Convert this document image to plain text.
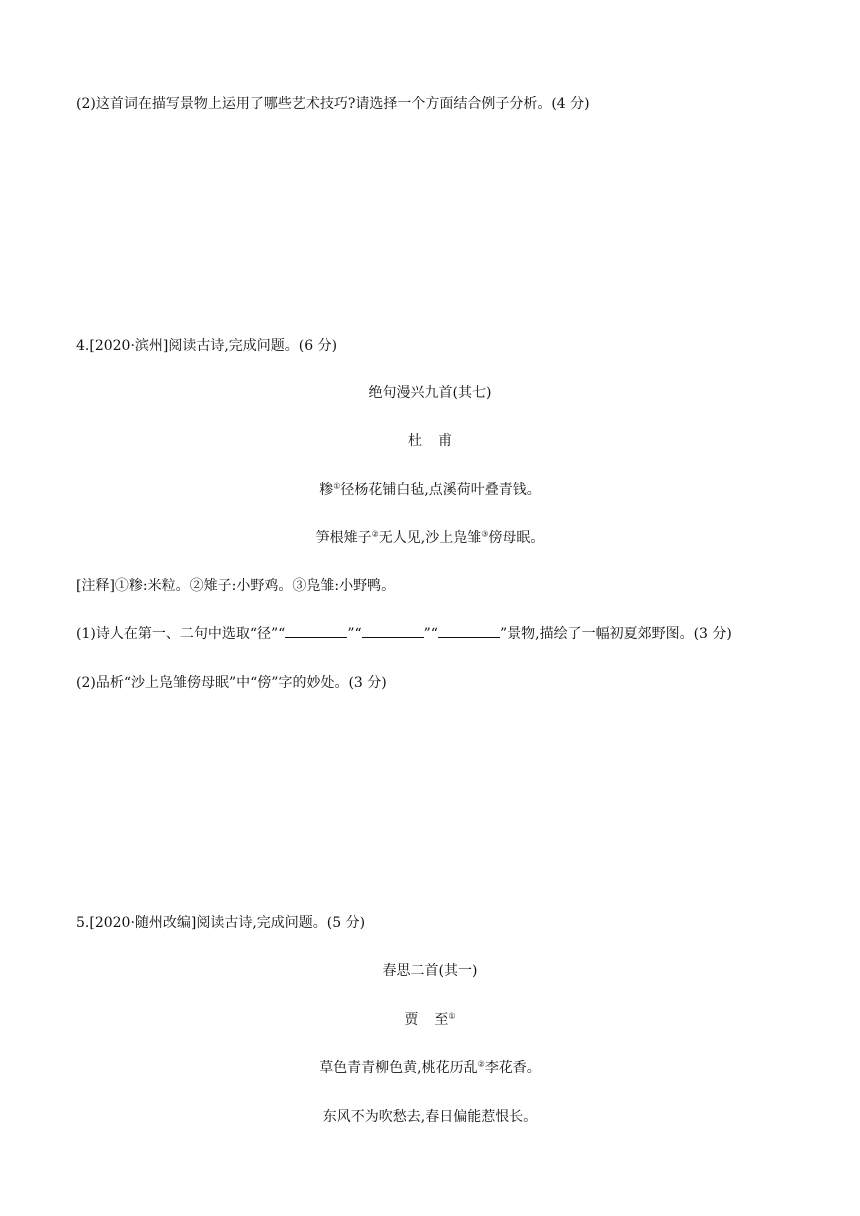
(2)这首词在描写景物上运用了哪些艺术技巧?请选择一个方面结合例子分析。(4 分)
4.[2020·滨州]阅读古诗,完成问题。(6 分)
绝句漫兴九首(其七)
杜 甫
糁①径杨花铺白毡,点溪荷叶叠青钱。
笋根雉子②无人见,沙上凫雏③傍母眠。
[注释]①糁:米粒。②雉子:小野鸡。③凫雏:小野鸭。
(1)诗人在第一、二句中选取“径”“	”“	”“	”景物,描绘了一幅初夏郊野图。(3 分)
(2)品析“沙上凫雏傍母眠”中“傍”字的妙处。(3 分)
5.[2020·随州改编]阅读古诗,完成问题。(5 分)
春思二首(其一)
贾 至①
草色青青柳色黄,桃花历乱②李花香。
东风不为吹愁去,春日偏能惹恨长。
